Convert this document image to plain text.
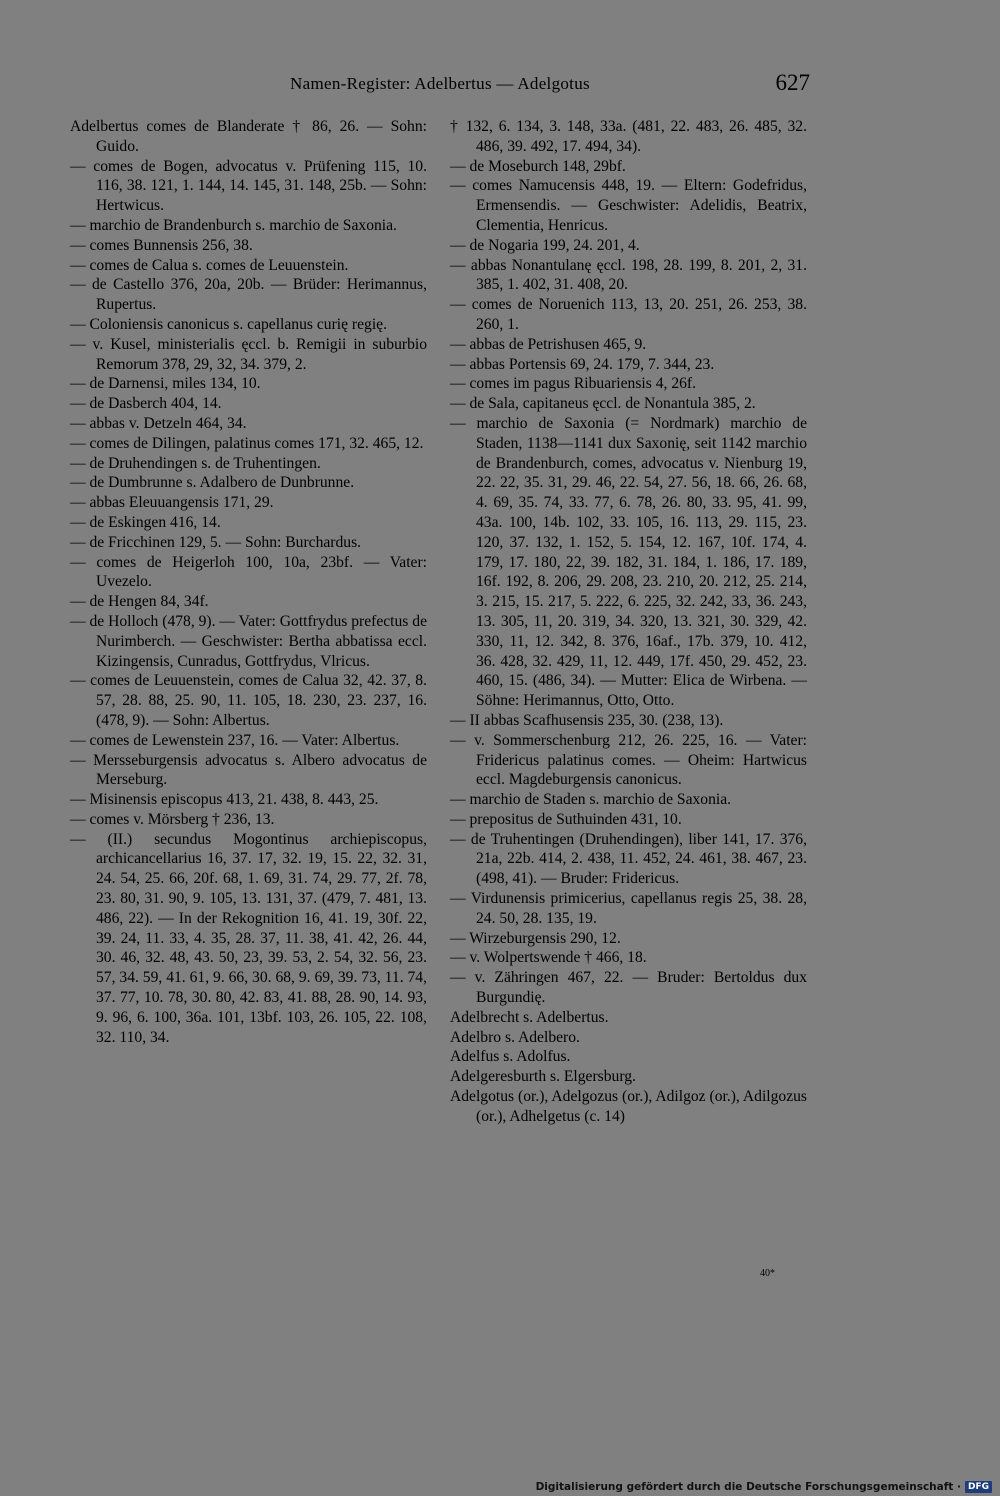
Namen-Register: Adelbertus — Adelgotus	627
Adelbertus comes de Blanderate † 86, 26. — Sohn: Guido.
— comes de Bogen, advocatus v. Prüfening 115, 10. 116, 38. 121, 1. 144, 14. 145, 31. 148, 25b. — Sohn: Hertwicus.
— marchio de Brandenburch s. marchio de Saxonia.
— comes Bunnensis 256, 38.
— comes de Calua s. comes de Leuuenstein.
— de Castello 376, 20a, 20b. — Brüder: Herimannus, Rupertus.
— Coloniensis canonicus s. capellanus curię regię.
— v. Kusel, ministerialis ęccl. b. Remigii in suburbio Remorum 378, 29, 32, 34. 379, 2.
— de Darnensi, miles 134, 10.
— de Dasberch 404, 14.
— abbas v. Detzeln 464, 34.
— comes de Dilingen, palatinus comes 171, 32. 465, 12.
— de Druhendingen s. de Truhentingen.
— de Dumbrunne s. Adalbero de Dunbrunne.
— abbas Eleuuangensis 171, 29.
— de Eskingen 416, 14.
— de Fricchinen 129, 5. — Sohn: Burchardus.
— comes de Heigerloh 100, 10a, 23bf. — Vater: Uvezelo.
— de Hengen 84, 34f.
— de Holloch (478, 9). — Vater: Gottfrydus prefectus de Nurimberch. — Geschwister: Bertha abbatissa eccl. Kizingensis, Cunradus, Gottfrydus, Vlricus.
— comes de Leuuenstein, comes de Calua 32, 42. 37, 8. 57, 28. 88, 25. 90, 11. 105, 18. 230, 23. 237, 16. (478, 9). — Sohn: Albertus.
— comes de Lewenstein 237, 16. — Vater: Albertus.
— Mersseburgensis advocatus s. Albero advocatus de Merseburg.
— Misinensis episcopus 413, 21. 438, 8. 443, 25.
— comes v. Mörsberg † 236, 13.
— (II.) secundus Mogontinus archiepiscopus, archicancellarius 16, 37. 17, 32. 19, 15. 22, 32. 31, 24. 54, 25. 66, 20f. 68, 1. 69, 31. 74, 29. 77, 2f. 78, 23. 80, 31. 90, 9. 105, 13. 131, 37. (479, 7. 481, 13. 486, 22). — In der Rekognition 16, 41. 19, 30f. 22, 39. 24, 11. 33, 4. 35, 28. 37, 11. 38, 41. 42, 26. 44, 30. 46, 32. 48, 43. 50, 23, 39. 53, 2. 54, 32. 56, 23. 57, 34. 59, 41. 61, 9. 66, 30. 68, 9. 69, 39. 73, 11. 74, 37. 77, 10. 78, 30. 80, 42. 83, 41. 88, 28. 90, 14. 93, 9. 96, 6. 100, 36a. 101, 13bf. 103, 26. 105, 22. 108, 32. 110, 34.
† 132, 6. 134, 3. 148, 33a. (481, 22. 483, 26. 485, 32. 486, 39. 492, 17. 494, 34).
— de Moseburch 148, 29bf.
— comes Namucensis 448, 19. — Eltern: Godefridus, Ermensendis. — Geschwister: Adelidis, Beatrix, Clementia, Henricus.
— de Nogaria 199, 24. 201, 4.
— abbas Nonantulanę ęccl. 198, 28. 199, 8. 201, 2, 31. 385, 1. 402, 31. 408, 20.
— comes de Noruenich 113, 13, 20. 251, 26. 253, 38. 260, 1.
— abbas de Petrishusen 465, 9.
— abbas Portensis 69, 24. 179, 7. 344, 23.
— comes im pagus Ribuariensis 4, 26f.
— de Sala, capitaneus ęccl. de Nonantula 385, 2.
— marchio de Saxonia (= Nordmark) marchio de Staden, 1138—1141 dux Saxonię, seit 1142 marchio de Brandenburch, comes, advocatus v. Nienburg 19, 22. 22, 35. 31, 29. 46, 22. 54, 27. 56, 18. 66, 26. 68, 4. 69, 35. 74, 33. 77, 6. 78, 26. 80, 33. 95, 41. 99, 43a. 100, 14b. 102, 33. 105, 16. 113, 29. 115, 23. 120, 37. 132, 1. 152, 5. 154, 12. 167, 10f. 174, 4. 179, 17. 180, 22, 39. 182, 31. 184, 1. 186, 17. 189, 16f. 192, 8. 206, 29. 208, 23. 210, 20. 212, 25. 214, 3. 215, 15. 217, 5. 222, 6. 225, 32. 242, 33, 36. 243, 13. 305, 11, 20. 319, 34. 320, 13. 321, 30. 329, 42. 330, 11, 12. 342, 8. 376, 16af., 17b. 379, 10. 412, 36. 428, 32. 429, 11, 12. 449, 17f. 450, 29. 452, 23. 460, 15. (486, 34). — Mutter: Elica de Wirbena. — Söhne: Herimannus, Otto, Otto.
— II abbas Scafhusensis 235, 30. (238, 13).
— v. Sommerschenburg 212, 26. 225, 16. — Vater: Fridericus palatinus comes. — Oheim: Hartwicus eccl. Magdeburgensis canonicus.
— marchio de Staden s. marchio de Saxonia.
— prepositus de Suthuinden 431, 10.
— de Truhentingen (Druhendingen), liber 141, 17. 376, 21a, 22b. 414, 2. 438, 11. 452, 24. 461, 38. 467, 23. (498, 41). — Bruder: Fridericus.
— Virdunensis primicerius, capellanus regis 25, 38. 28, 24. 50, 28. 135, 19.
— Wirzeburgensis 290, 12.
— v. Wolpertswende † 466, 18.
— v. Zähringen 467, 22. — Bruder: Bertoldus dux Burgundię.
Adelbrecht s. Adelbertus.
Adelbro s. Adelbero.
Adelfus s. Adolfus.
Adelgeresburth s. Elgersburg.
Adelgotus (or.), Adelgozus (or.), Adilgoz (or.), Adilgozus (or.), Adhelgetus (c. 14)
40*
Digitalisierung gefördert durch die Deutsche Forschungsgemeinschaft · DFG
